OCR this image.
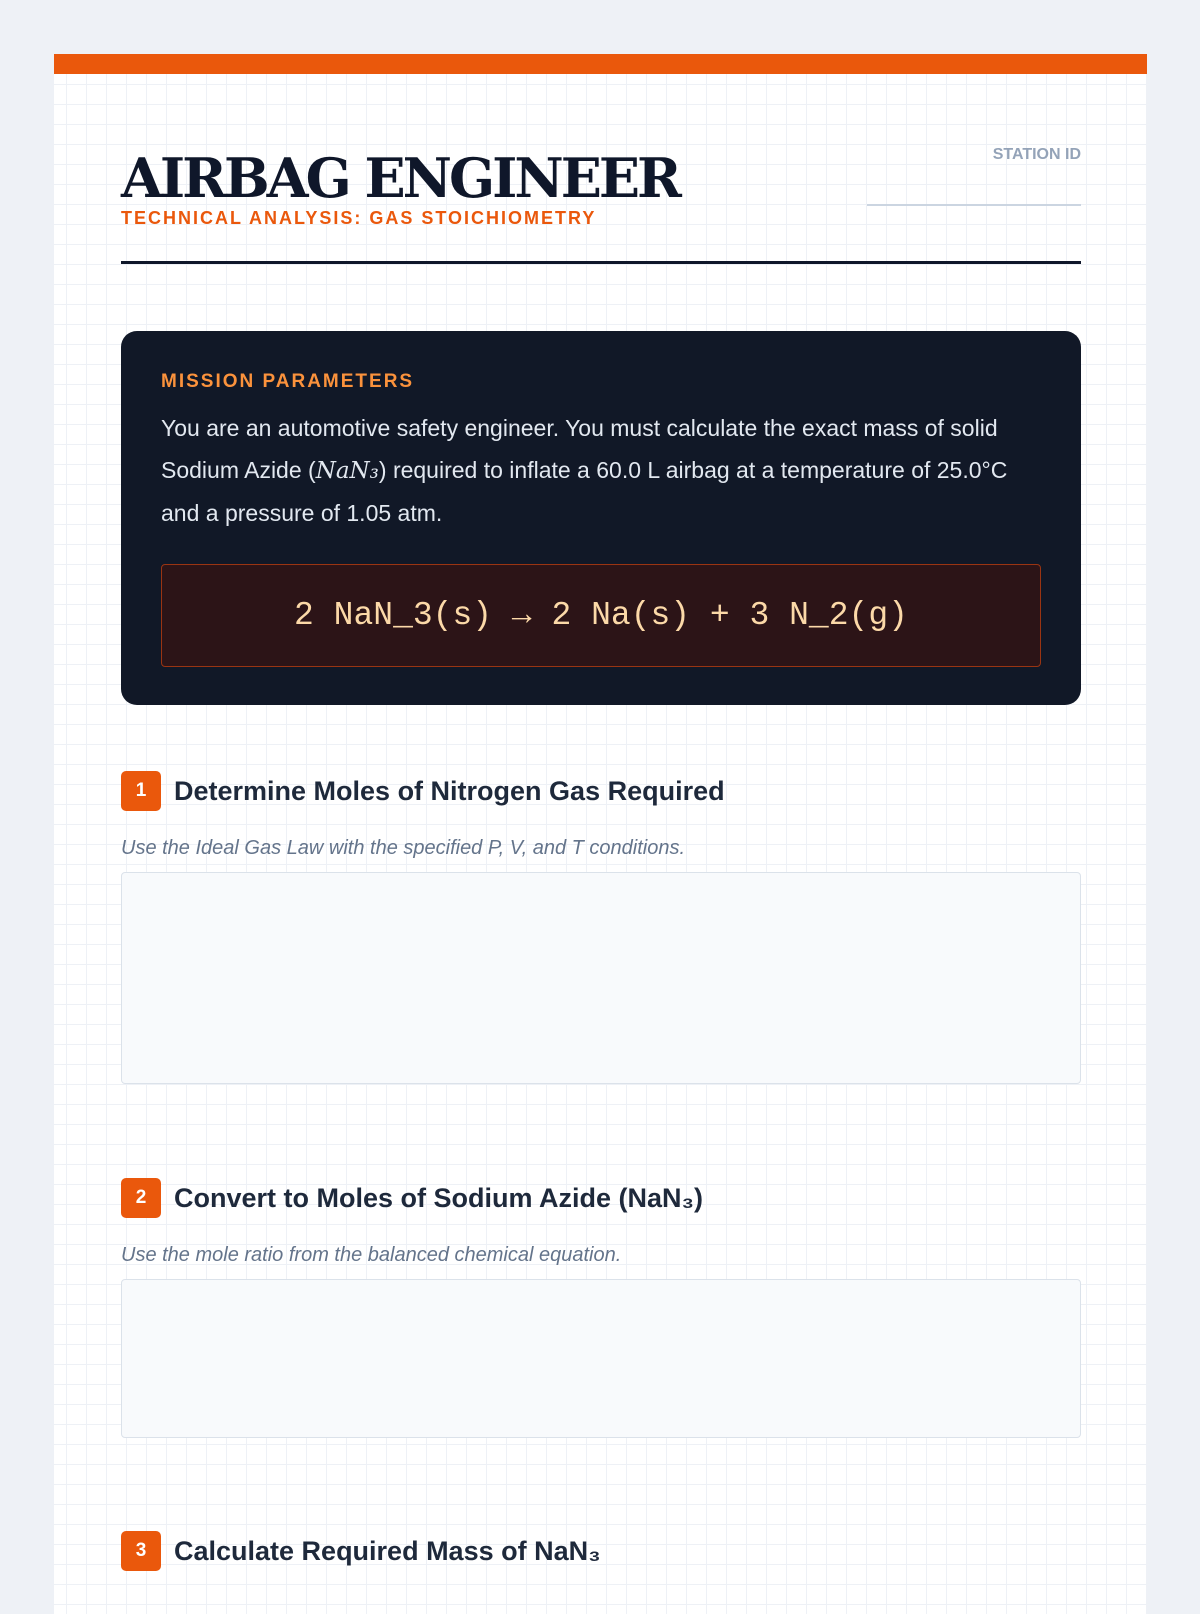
AIRBAG ENGINEER
TECHNICAL ANALYSIS: GAS STOICHIOMETRY
STATION ID
MISSION PARAMETERS

You are an automotive safety engineer. You must calculate the exact mass of solid Sodium Azide (NaN₃) required to inflate a 60.0 L airbag at a temperature of 25.0°C and a pressure of 1.05 atm.

2 NaN_3(s) → 2 Na(s) + 3 N_2(g)
1	Determine Moles of Nitrogen Gas Required
Use the Ideal Gas Law with the specified P, V, and T conditions.
2	Convert to Moles of Sodium Azide (NaN₃)
Use the mole ratio from the balanced chemical equation.
3	Calculate Required Mass of NaN₃
